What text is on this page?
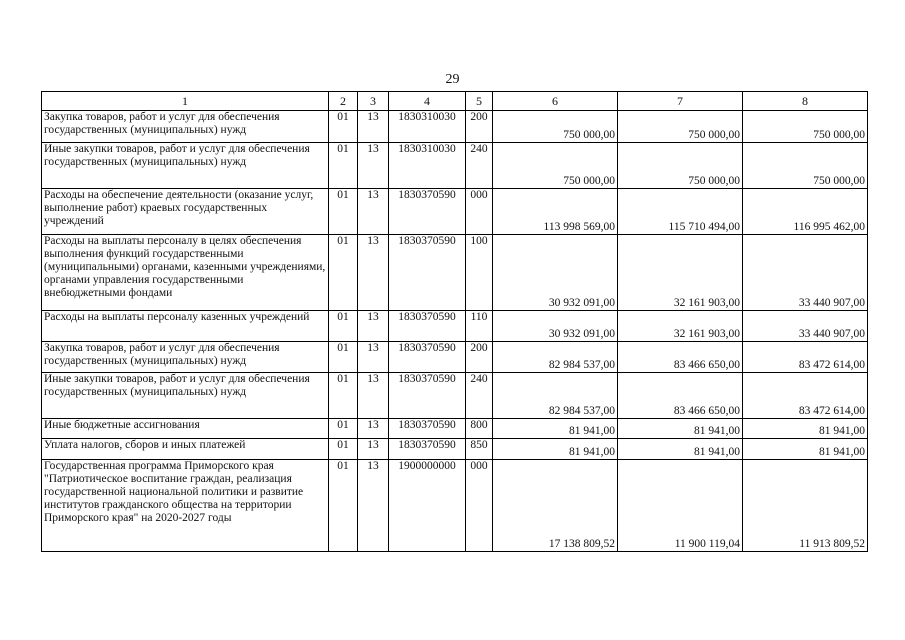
29
1	2	3	4	5	6	7	8
Закупка товаров, работ и услуг для обеспечения государственных (муниципальных) нужд	01	13	1830310030	200	750 000,00	750 000,00	750 000,00
Иные закупки товаров, работ и услуг для обеспечения государственных (муниципальных) нужд	01	13	1830310030	240	750 000,00	750 000,00	750 000,00
Расходы на обеспечение деятельности (оказание услуг, выполнение работ) краевых государственных учреждений	01	13	1830370590	000	113 998 569,00	115 710 494,00	116 995 462,00
Расходы на выплаты персоналу в целях обеспечения выполнения функций государственными (муниципальными) органами, казенными учреждениями, органами управления государственными внебюджетными фондами	01	13	1830370590	100	30 932 091,00	32 161 903,00	33 440 907,00
Расходы на выплаты персоналу казенных учреждений	01	13	1830370590	110	30 932 091,00	32 161 903,00	33 440 907,00
Закупка товаров, работ и услуг для обеспечения государственных (муниципальных) нужд	01	13	1830370590	200	82 984 537,00	83 466 650,00	83 472 614,00
Иные закупки товаров, работ и услуг для обеспечения государственных (муниципальных) нужд	01	13	1830370590	240	82 984 537,00	83 466 650,00	83 472 614,00
Иные бюджетные ассигнования	01	13	1830370590	800	81 941,00	81 941,00	81 941,00
Уплата налогов, сборов и иных платежей	01	13	1830370590	850	81 941,00	81 941,00	81 941,00
Государственная программа Приморского края "Патриотическое воспитание граждан, реализация государственной национальной политики и развитие институтов гражданского общества на территории Приморского края" на 2020-2027 годы	01	13	1900000000	000	17 138 809,52	11 900 119,04	11 913 809,52
